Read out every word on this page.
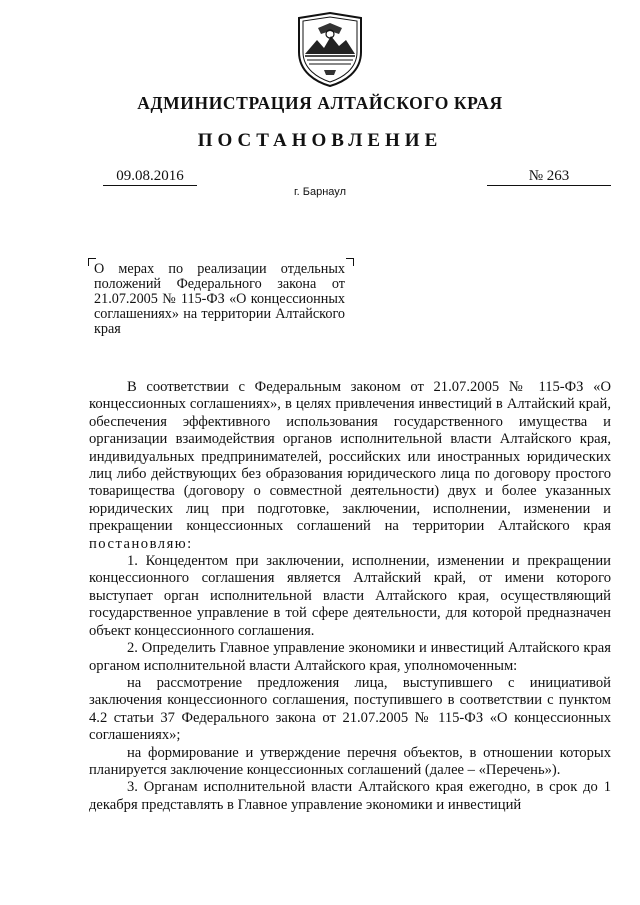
АДМИНИСТРАЦИЯ АЛТАЙСКОГО КРАЯ
ПОСТАНОВЛЕНИЕ
09.08.2016	№ 263
г. Барнаул
О мерах по реализации отдельных положений Федерального закона от 21.07.2005 № 115-ФЗ «О концессионных соглашениях» на территории Алтайского края

В соответствии с Федеральным законом от 21.07.2005 № 115-ФЗ «О концессионных соглашениях», в целях привлечения инвестиций в Алтайский край, обеспечения эффективного использования государственного имущества и организации взаимодействия органов исполнительной власти Алтайского края, индивидуальных предпринимателей, российских или иностранных юридических лиц либо действующих без образования юридического лица по договору простого товарищества (договору о совместной деятельности) двух и более указанных юридических лиц при подготовке, заключении, исполнении, изменении и прекращении концессионных соглашений на территории Алтайского края постановляю:

1. Концедентом при заключении, исполнении, изменении и прекращении концессионного соглашения является Алтайский край, от имени которого выступает орган исполнительной власти Алтайского края, осуществляющий государственное управление в той сфере деятельности, для которой предназначен объект концессионного соглашения.

2. Определить Главное управление экономики и инвестиций Алтайского края органом исполнительной власти Алтайского края, уполномоченным:

на рассмотрение предложения лица, выступившего с инициативой заключения концессионного соглашения, поступившего в соответствии с пунктом 4.2 статьи 37 Федерального закона от 21.07.2005 № 115-ФЗ «О концессионных соглашениях»;

на формирование и утверждение перечня объектов, в отношении которых планируется заключение концессионных соглашений (далее – «Перечень»).

3. Органам исполнительной власти Алтайского края ежегодно, в срок до 1 декабря представлять в Главное управление экономики и инвестиций
